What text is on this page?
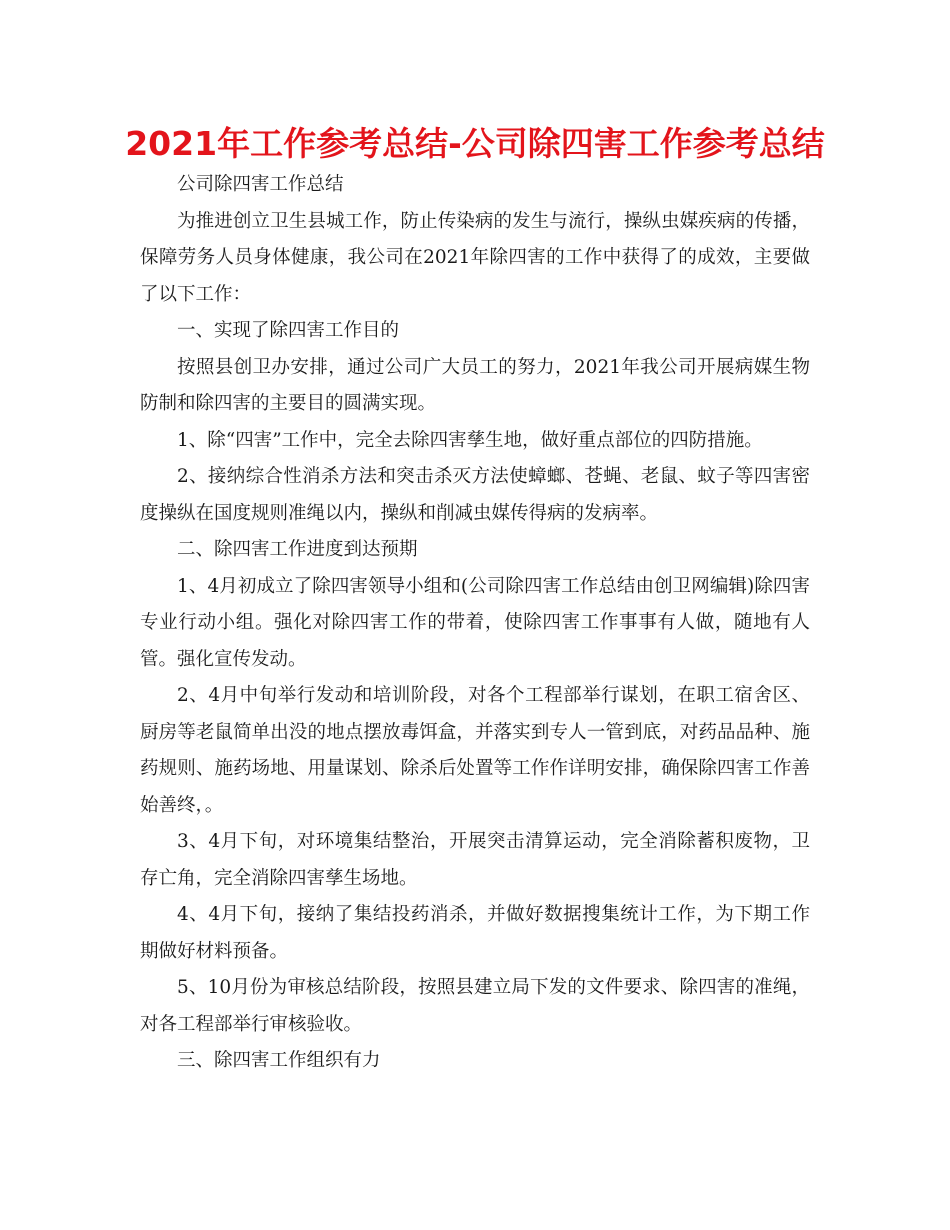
2021年工作参考总结-公司除四害工作参考总结

公司除四害工作总结

为推进创立卫生县城工作，防止传染病的发生与流行，操纵虫媒疾病的传播，保障劳务人员身体健康，我公司在2021年除四害的工作中获得了的成效，主要做了以下工作：

一、实现了除四害工作目的

按照县创卫办安排，通过公司广大员工的努力，2021年我公司开展病媒生物防制和除四害的主要目的圆满实现。

1、除“四害”工作中，完全去除四害孳生地，做好重点部位的四防措施。

2、接纳综合性消杀方法和突击杀灭方法使蟑螂、苍蝇、老鼠、蚊子等四害密度操纵在国度规则准绳以内，操纵和削减虫媒传得病的发病率。

二、除四害工作进度到达预期

1、4月初成立了除四害领导小组和(公司除四害工作总结由创卫网编辑)除四害专业行动小组。强化对除四害工作的带着，使除四害工作事事有人做，随地有人管。强化宣传发动。

2、4月中旬举行发动和培训阶段，对各个工程部举行谋划，在职工宿舍区、厨房等老鼠简单出没的地点摆放毒饵盒，并落实到专人一管到底，对药品品种、施药规则、施药场地、用量谋划、除杀后处置等工作作详明安排，确保除四害工作善始善终，。

3、4月下旬，对环境集结整治，开展突击清算运动，完全消除蓄积废物，卫存亡角，完全消除四害孳生场地。

4、4月下旬，接纳了集结投药消杀，并做好数据搜集统计工作，为下期工作期做好材料预备。

5、10月份为审核总结阶段，按照县建立局下发的文件要求、除四害的准绳，对各工程部举行审核验收。

三、除四害工作组织有力
